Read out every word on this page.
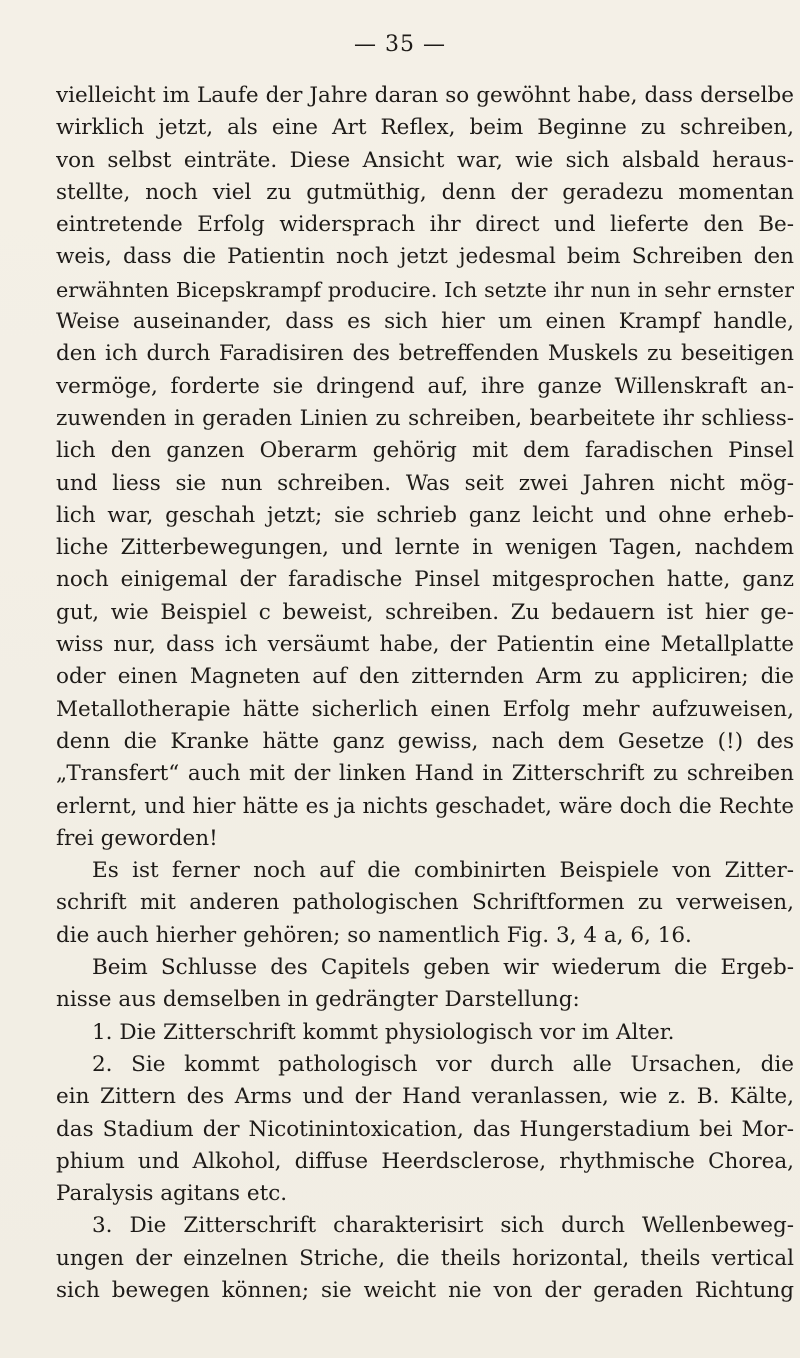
— 35 —
vielleicht im Laufe der Jahre daran so gewöhnt habe, dass derselbe
wirklich jetzt, als eine Art Reflex, beim Beginne zu schreiben,
von selbst einträte. Diese Ansicht war, wie sich alsbald heraus-
stellte, noch viel zu gutmüthig, denn der geradezu momentan
eintretende Erfolg widersprach ihr direct und lieferte den Be-
weis, dass die Patientin noch jetzt jedesmal beim Schreiben den
erwähnten Bicepskrampf producire. Ich setzte ihr nun in sehr ernster
Weise auseinander, dass es sich hier um einen Krampf handle,
den ich durch Faradisiren des betreffenden Muskels zu beseitigen
vermöge, forderte sie dringend auf, ihre ganze Willenskraft an-
zuwenden in geraden Linien zu schreiben, bearbeitete ihr schliess-
lich den ganzen Oberarm gehörig mit dem faradischen Pinsel
und liess sie nun schreiben. Was seit zwei Jahren nicht mög-
lich war, geschah jetzt; sie schrieb ganz leicht und ohne erheb-
liche Zitterbewegungen, und lernte in wenigen Tagen, nachdem
noch einigemal der faradische Pinsel mitgesprochen hatte, ganz
gut, wie Beispiel c beweist, schreiben. Zu bedauern ist hier ge-
wiss nur, dass ich versäumt habe, der Patientin eine Metallplatte
oder einen Magneten auf den zitternden Arm zu appliciren; die
Metallotherapie hätte sicherlich einen Erfolg mehr aufzuweisen,
denn die Kranke hätte ganz gewiss, nach dem Gesetze (!) des
„Transfert“ auch mit der linken Hand in Zitterschrift zu schreiben
erlernt, und hier hätte es ja nichts geschadet, wäre doch die Rechte
frei geworden!
Es ist ferner noch auf die combinirten Beispiele von Zitter-
schrift mit anderen pathologischen Schriftformen zu verweisen,
die auch hierher gehören; so namentlich Fig. 3, 4 a, 6, 16.
Beim Schlusse des Capitels geben wir wiederum die Ergeb-
nisse aus demselben in gedrängter Darstellung:
1. Die Zitterschrift kommt physiologisch vor im Alter.
2. Sie kommt pathologisch vor durch alle Ursachen, die
ein Zittern des Arms und der Hand veranlassen, wie z. B. Kälte,
das Stadium der Nicotinintoxication, das Hungerstadium bei Mor-
phium und Alkohol, diffuse Heerdsclerose, rhythmische Chorea,
Paralysis agitans etc.
3. Die Zitterschrift charakterisirt sich durch Wellenbeweg-
ungen der einzelnen Striche, die theils horizontal, theils vertical
sich bewegen können; sie weicht nie von der geraden Richtung
